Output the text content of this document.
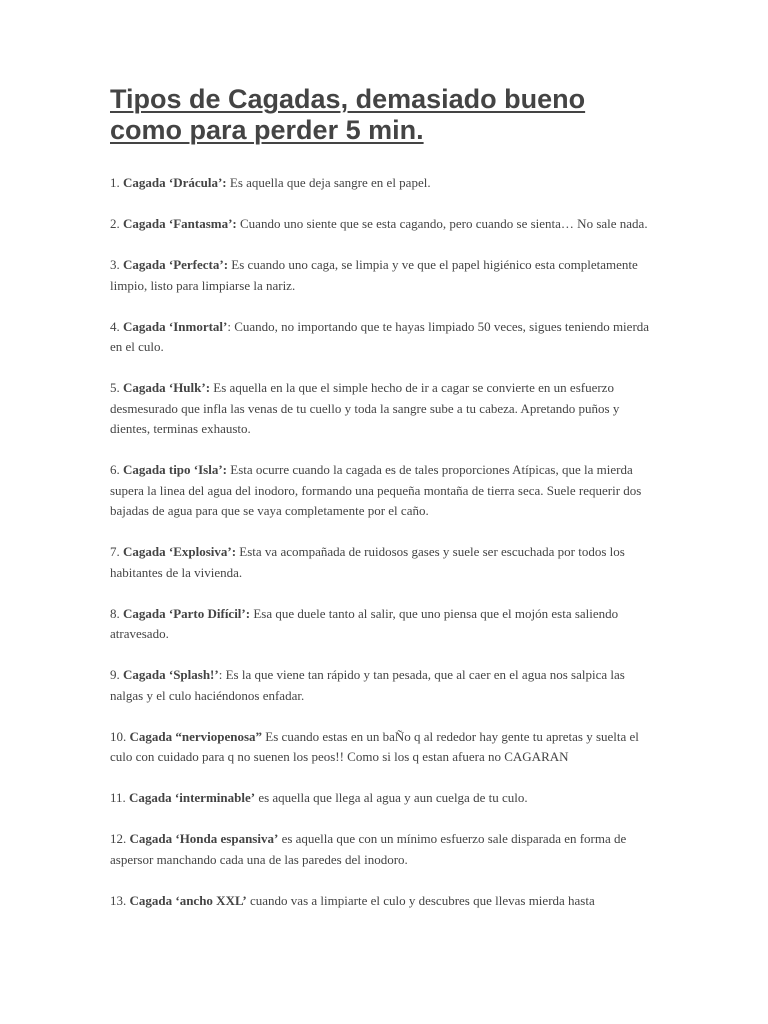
Tipos de Cagadas, demasiado bueno como para perder 5 min.

1. Cagada ‘Drácula’: Es aquella que deja sangre en el papel.

2. Cagada ‘Fantasma’: Cuando uno siente que se esta cagando, pero cuando se sienta… No sale nada.

3. Cagada ‘Perfecta’: Es cuando uno caga, se limpia y ve que el papel higiénico esta completamente limpio, listo para limpiarse la nariz.

4. Cagada ‘Inmortal’: Cuando, no importando que te hayas limpiado 50 veces, sigues teniendo mierda en el culo.

5. Cagada ‘Hulk’: Es aquella en la que el simple hecho de ir a cagar se convierte en un esfuerzo desmesurado que infla las venas de tu cuello y toda la sangre sube a tu cabeza. Apretando puños y dientes, terminas exhausto.

6. Cagada tipo ‘Isla’: Esta ocurre cuando la cagada es de tales proporciones Atípicas, que la mierda supera la linea del agua del inodoro, formando una pequeña montaña de tierra seca. Suele requerir dos bajadas de agua para que se vaya completamente por el caño.

7. Cagada ‘Explosiva’: Esta va acompañada de ruidosos gases y suele ser escuchada por todos los habitantes de la vivienda.

8. Cagada ‘Parto Difícil’: Esa que duele tanto al salir, que uno piensa que el mojón esta saliendo atravesado.

9. Cagada ‘Splash!’: Es la que viene tan rápido y tan pesada, que al caer en el agua nos salpica las nalgas y el culo haciéndonos enfadar.

10. Cagada “nerviopenosa” Es cuando estas en un baÑo q al rededor hay gente tu apretas y suelta el culo con cuidado para q no suenen los peos!! Como si los q estan afuera no CAGARAN

11. Cagada ‘interminable’ es aquella que llega al agua y aun cuelga de tu culo.

12. Cagada ‘Honda espansiva’ es aquella que con un mínimo esfuerzo sale disparada en forma de aspersor manchando cada una de las paredes del inodoro.

13. Cagada ‘ancho XXL’ cuando vas a limpiarte el culo y descubres que llevas mierda hasta
